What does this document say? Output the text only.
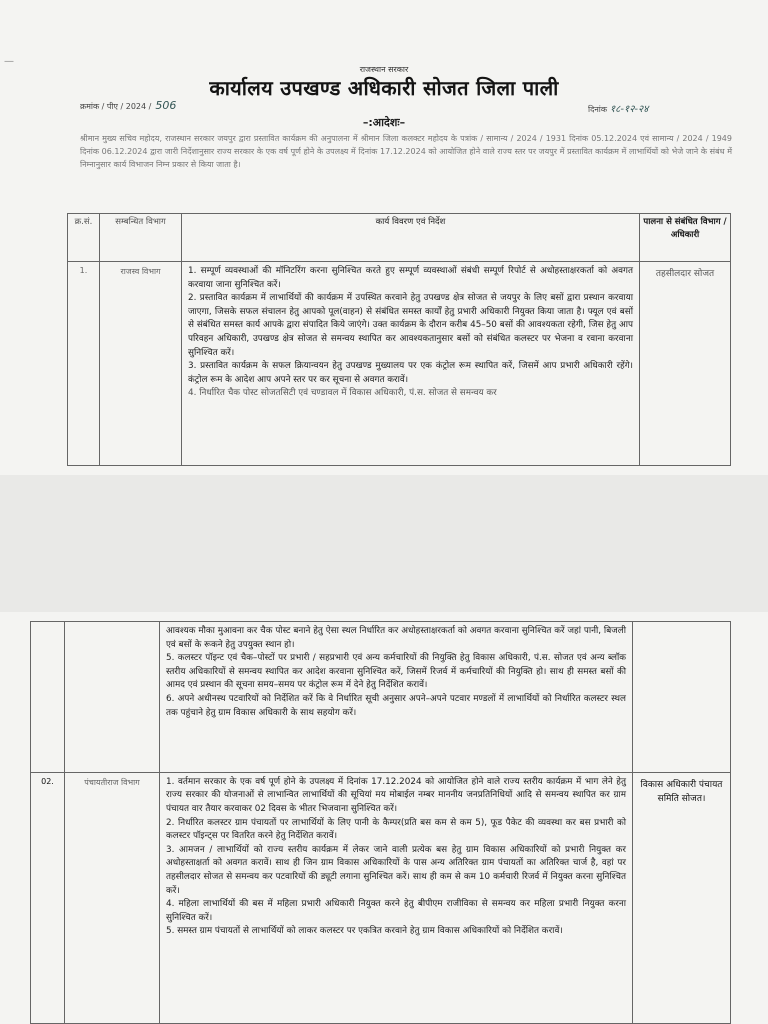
—
राजस्थान सरकार
कार्यालय उपखण्ड अधिकारी सोजत जिला पाली
क्रमांक / पीए / 2024 / 506	दिनांक १८-१२-२४
–:आदेशः–
श्रीमान मुख्य सचिव महोदय, राजस्थान सरकार जयपुर द्वारा प्रस्तावित कार्यक्रम की अनुपालना में श्रीमान जिला कलक्टर महोदय के पत्रांक / सामान्य / 2024 / 1931 दिनांक 05.12.2024 एवं सामान्य / 2024 / 1949 दिनांक 06.12.2024 द्वारा जारी निर्देशानुसार राज्य सरकार के एक वर्ष पूर्ण होने के उपलक्ष्य में दिनांक 17.12.2024 को आयोजित होने वाले राज्य स्तर पर जयपुर में प्रस्तावित कार्यक्रम में लाभार्थियों को भेजे जाने के संबंध में निम्नानुसार कार्य विभाजन निम्न प्रकार से किया जाता है।
क्र.सं.	सम्बन्धित विभाग	कार्य विवरण एवं निर्देश	पालना से संबंधित विभाग / अधिकारी
1.	राजस्व विभाग	1. सम्पूर्ण व्यवस्थाओं की मॉनिटरिंग करना सुनिश्चित करते हुए सम्पूर्ण व्यवस्थाओं संबंधी सम्पूर्ण रिपोर्ट से अधोहस्ताक्षरकर्ता को अवगत करवाया जाना सुनिश्चित करें।

2. प्रस्तावित कार्यक्रम में लाभार्थियों की कार्यक्रम में उपस्थित करवाने हेतु उपखण्ड क्षेत्र सोजत से जयपुर के लिए बसों द्वारा प्रस्थान करवाया जाएगा, जिसके सफल संचालन हेतु आपको पूल(वाहन) से संबंधित समस्त कार्यों हेतु प्रभारी अधिकारी नियुक्त किया जाता है। फ्यूल एवं बसों से संबंधित समस्त कार्य आपके द्वारा संपादित किये जाएंगे। उक्त कार्यक्रम के दौरान करीब 45–50 बसों की आवश्यकता रहेगी, जिस हेतु आप परिवहन अधिकारी, उपखण्ड क्षेत्र सोजत से समन्वय स्थापित कर आवश्यकतानुसार बसों को संबंधित कलस्टर पर भेजना व रवाना करवाना सुनिश्चित करें।

3. प्रस्तावित कार्यक्रम के सफल क्रियान्वयन हेतु उपखण्ड मुख्यालय पर एक कंट्रोल रूम स्थापित करें, जिसमें आप प्रभारी अधिकारी रहेंगे। कंट्रोल रूम के आदेश आप अपने स्तर पर कर सूचना से अवगत करावें।

4. निर्धारित चैक पोस्ट सोजतसिटी एवं चण्डावल में विकास अधिकारी, पं.स. सोजत से समन्वय कर	तहसीलदार सोजत

		आवश्यक मौका मुआवना कर चैक पोस्ट बनाने हेतु ऐसा स्थल निर्धारित कर अधोहस्ताक्षरकर्ता को अवगत करवाना सुनिश्चित करें जहां पानी, बिजली एवं बसों के रूकने हेतु उपयुक्त स्थान हो।

5. कलस्टर पॉइन्ट एवं चैक–पोस्टों पर प्रभारी / सहप्रभारी एवं अन्य कर्मचारियों की नियुक्ति हेतु विकास अधिकारी, पं.स. सोजत एवं अन्य ब्लॉक स्तरीय अधिकारियों से समन्वय स्थापित कर आदेश करवाना सुनिश्चित करें, जिसमें रिजर्व में कर्मचारियों की नियुक्ति हो। साथ ही समस्त बसों की आमद एवं प्रस्थान की सूचना समय–समय पर कंट्रोल रूम में देने हेतु निर्देशित करावें।

6. अपने अधीनस्थ पटवारियों को निर्देशित करें कि वे निर्धारित सूची अनुसार अपने–अपने पटवार मण्डलों में लाभार्थियों को निर्धारित कलस्टर स्थल तक पहुंचाने हेतु ग्राम विकास अधिकारी के साथ सहयोग करें।	

02.	पंचायतीराज विभाग	1. वर्तमान सरकार के एक वर्ष पूर्ण होने के उपलक्ष्य में दिनांक 17.12.2024 को आयोजित होने वाले राज्य स्तरीय कार्यक्रम में भाग लेने हेतु राज्य सरकार की योजनाओं से लाभान्वित लाभार्थियों की सूचियां मय मोबाईल नम्बर माननीय जनप्रतिनिधियों आदि से समन्वय स्थापित कर ग्राम पंचायत वार तैयार करवाकर 02 दिवस के भीतर भिजवाना सुनिश्चित करें।

2. निर्धारित कलस्टर ग्राम पंचायतों पर लाभार्थियों के लिए पानी के कैम्पर(प्रति बस कम से कम 5), फूड पैकेट की व्यवस्था कर बस प्रभारी को कलस्टर पॉइन्ट्स पर वितरित करने हेतु निर्देशित करावें।

3. आमजन / लाभार्थियों को राज्य स्तरीय कार्यक्रम में लेकर जाने वाली प्रत्येक बस हेतु ग्राम विकास अधिकारियों को प्रभारी नियुक्त कर अधोहस्ताक्षर्ता को अवगत करावें। साथ ही जिन ग्राम विकास अधिकारियों के पास अन्य अतिरिक्त ग्राम पंचायतों का अतिरिक्त चार्ज है, वहां पर तहसीलदार सोजत से समन्वय कर पटवारियों की ड्यूटी लगाना सुनिश्चित करें। साथ ही कम से कम 10 कर्मचारी रिजर्व में नियुक्त करना सुनिश्चित करें।

4. महिला लाभार्थियों की बस में महिला प्रभारी अधिकारी नियुक्त करने हेतु बीपीएम राजीविका से समन्वय कर महिला प्रभारी नियुक्त करना सुनिश्चित करें।

5. समस्त ग्राम पंचायतों से लाभार्थियों को लाकर कलस्टर पर एकत्रित करवाने हेतु ग्राम विकास अधिकारियों को निर्देशित करावें।	विकास अधिकारी पंचायत समिति सोजत।
